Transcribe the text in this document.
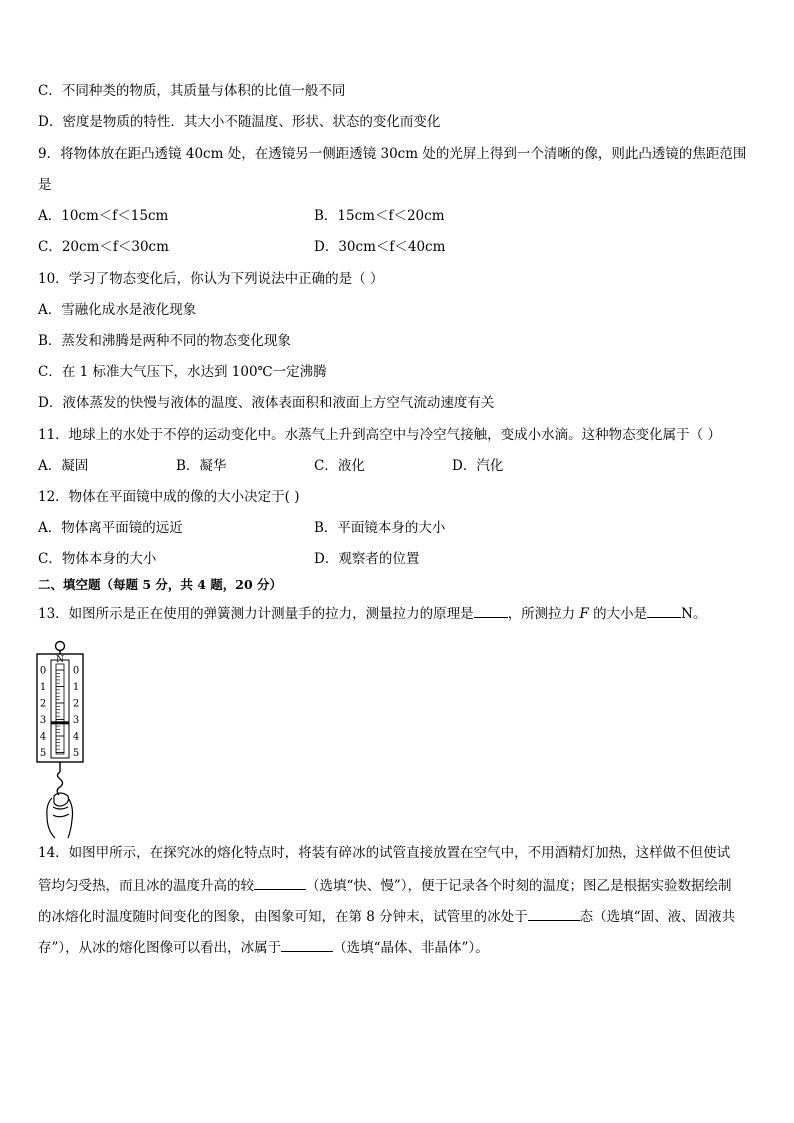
C．不同种类的物质，其质量与体积的比值一般不同
D．密度是物质的特性．其大小不随温度、形状、状态的变化而变化
9．将物体放在距凸透镜 40cm 处，在透镜另一侧距透镜 30cm 处的光屏上得到一个清晰的像，则此凸透镜的焦距范围
是
A．10cm＜f＜15cm	B．15cm＜f＜20cm
C．20cm＜f＜30cm	D．30cm＜f＜40cm
10．学习了物态变化后，你认为下列说法中正确的是（ ）
A．雪融化成水是液化现象
B．蒸发和沸腾是两种不同的物态变化现象
C．在 1 标准大气压下，水达到 100℃一定沸腾
D．液体蒸发的快慢与液体的温度、液体表面积和液面上方空气流动速度有关
11．地球上的水处于不停的运动变化中。水蒸气上升到高空中与冷空气接触，变成小水滴。这种物态变化属于（ ）
A．凝固	B．凝华	C．液化	D．汽化
12．物体在平面镜中成的像的大小决定于( )
A．物体离平面镜的远近	B．平面镜本身的大小
C．物体本身的大小	D．观察者的位置
二、填空题（每题 5 分，共 4 题，20 分）
13．如图所示是正在使用的弹簧测力计测量手的拉力，测量拉力的原理是	，所测拉力 F 的大小是	N。
N
0
1
2
3
4
5
0
1
2
3
4
5
14．如图甲所示，在探究冰的熔化特点时，将装有碎冰的试管直接放置在空气中，不用酒精灯加热，这样做不但使试
管均匀受热，而且冰的温度升高的较	（选填“快、慢”），便于记录各个时刻的温度；图乙是根据实验数据绘制
的冰熔化时温度随时间变化的图象，由图象可知，在第 8 分钟末，试管里的冰处于	态（选填“固、液、固液共
存”），从冰的熔化图像可以看出，冰属于	（选填“晶体、非晶体”）。
